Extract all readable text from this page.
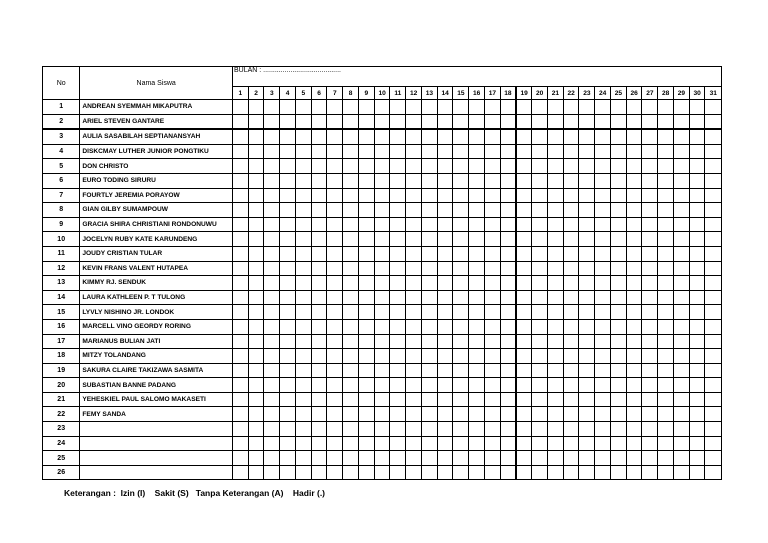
No	Nama Siswa	BULAN : ........................................																														
		1	2	3	4	5	6	7	8	9	10	11	12	13	14	15	16	17	18	19	20	21	22	23	24	25	26	27	28	29	30	31
1	ANDREAN SYEMMAH MIKAPUTRA																															
2	ARIEL STEVEN GANTARE																															
3	AULIA SASABILAH SEPTIANANSYAH																															
4	DISKCMAY LUTHER JUNIOR PONGTIKU																															
5	DON CHRISTO																															
6	EURO TODING SIRURU																															
7	FOURTLY JEREMIA PORAYOW																															
8	GIAN GILBY SUMAMPOUW																															
9	GRACIA SHIRA CHRISTIANI RONDONUWU																															
10	JOCELYN RUBY KATE KARUNDENG																															
11	JOUDY CRISTIAN TULAR																															
12	KEVIN FRANS VALENT HUTAPEA																															
13	KIMMY RJ. SENDUK																															
14	LAURA KATHLEEN P. T TULONG																															
15	LYVLY NISHINO JR. LONDOK																															
16	MARCELL VINO GEORDY RORING																															
17	MARIANUS BULIAN JATI																															
18	MITZY TOLANDANG																															
19	SAKURA CLAIRE TAKIZAWA SASMITA																															
20	SUBASTIAN BANNE PADANG																															
21	YEHESKIEL PAUL SALOMO MAKASETI																															
22	FEMY SANDA																															
23																																
24																																
25																																
26																																
Keterangan :  Izin (I)    Sakit (S)   Tanpa Keterangan (A)    Hadir (.)
